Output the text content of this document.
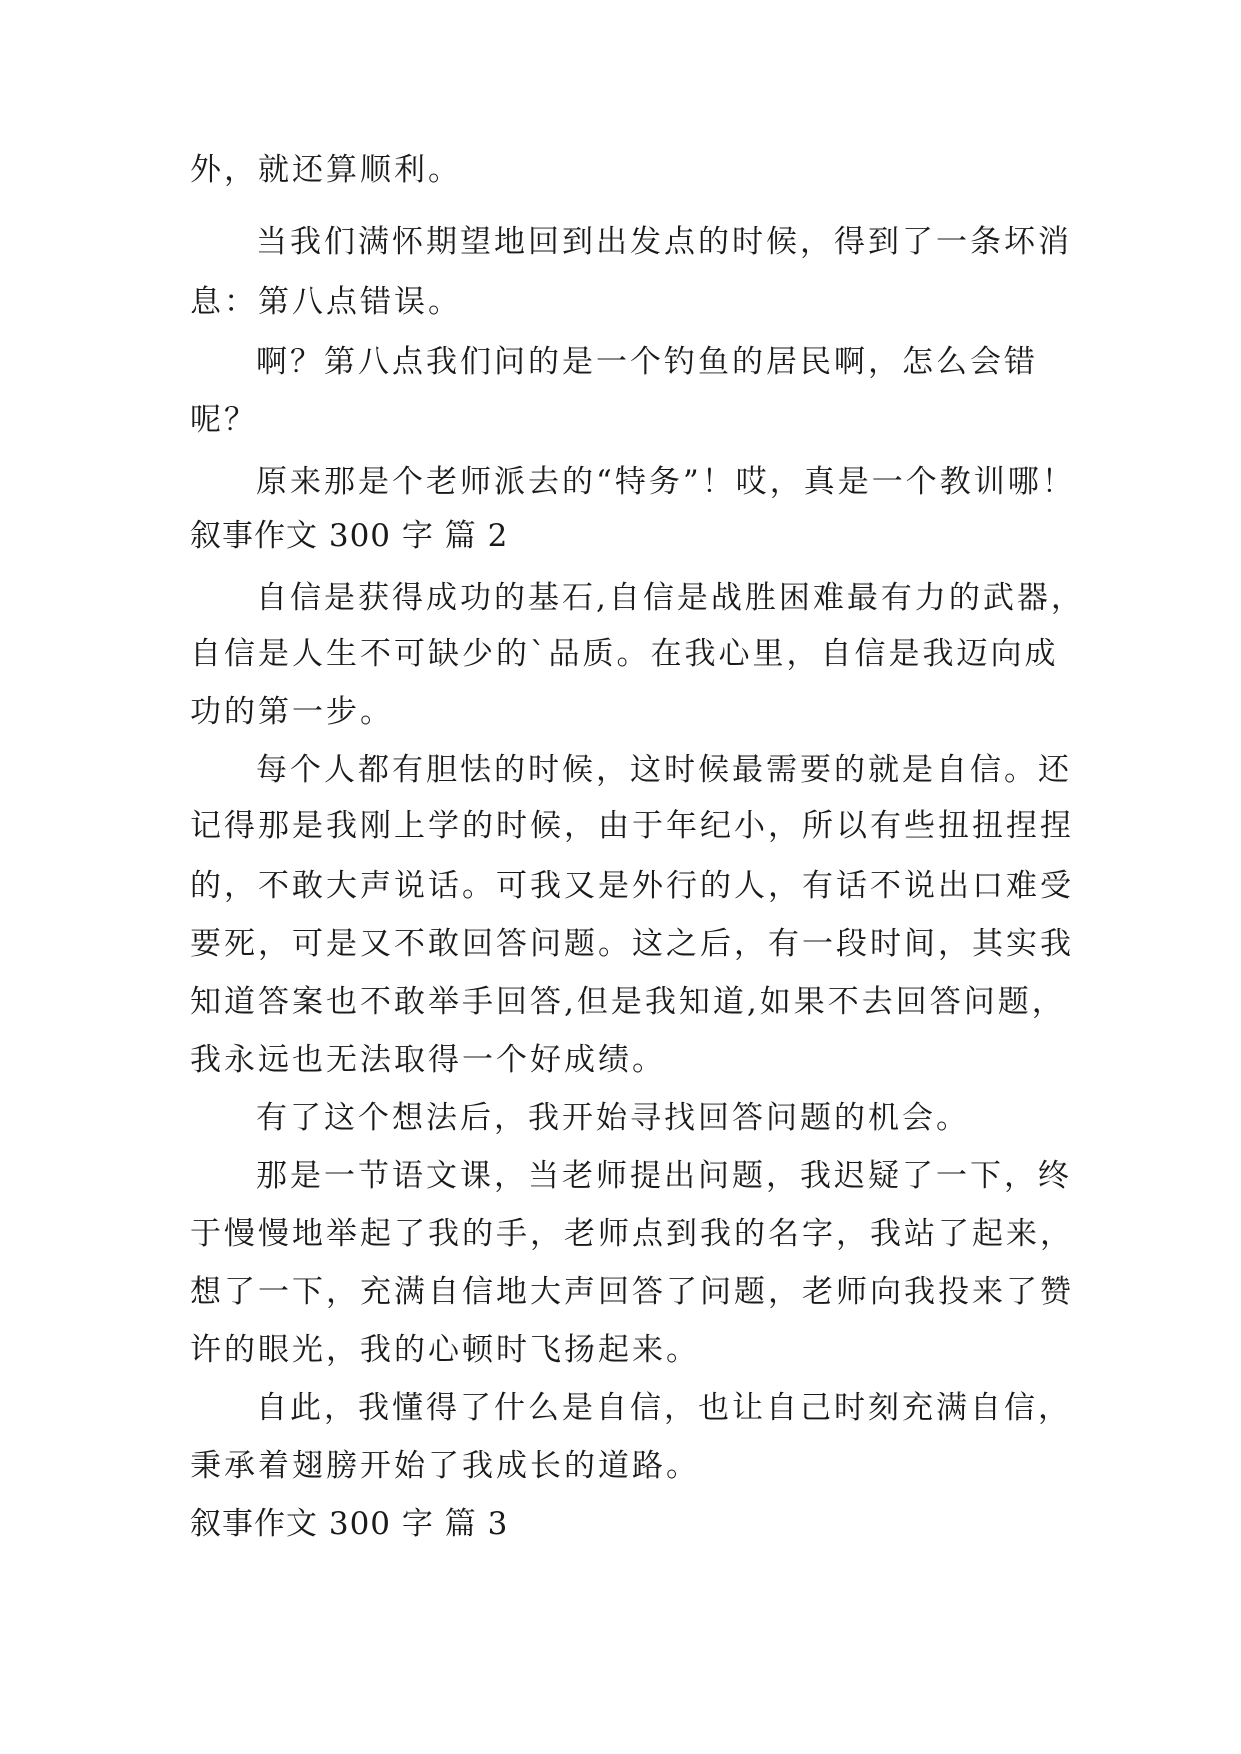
外，就还算顺利。
当我们满怀期望地回到出发点的时候，得到了一条坏消
息：第八点错误。
啊？第八点我们问的是一个钓鱼的居民啊，怎么会错
呢？
原来那是个老师派去的“特务”！哎，真是一个教训哪！
叙事作文 300 字 篇 2
自信是获得成功的基石,自信是战胜困难最有力的武器，
自信是人生不可缺少的`品质。在我心里，自信是我迈向成
功的第一步。
每个人都有胆怯的时候，这时候最需要的就是自信。还
记得那是我刚上学的时候，由于年纪小，所以有些扭扭捏捏
的，不敢大声说话。可我又是外行的人，有话不说出口难受
要死，可是又不敢回答问题。这之后，有一段时间，其实我
知道答案也不敢举手回答,但是我知道,如果不去回答问题，
我永远也无法取得一个好成绩。
有了这个想法后，我开始寻找回答问题的机会。
那是一节语文课，当老师提出问题，我迟疑了一下，终
于慢慢地举起了我的手，老师点到我的名字，我站了起来，
想了一下，充满自信地大声回答了问题，老师向我投来了赞
许的眼光，我的心顿时飞扬起来。
自此，我懂得了什么是自信，也让自己时刻充满自信，
秉承着翅膀开始了我成长的道路。
叙事作文 300 字 篇 3
